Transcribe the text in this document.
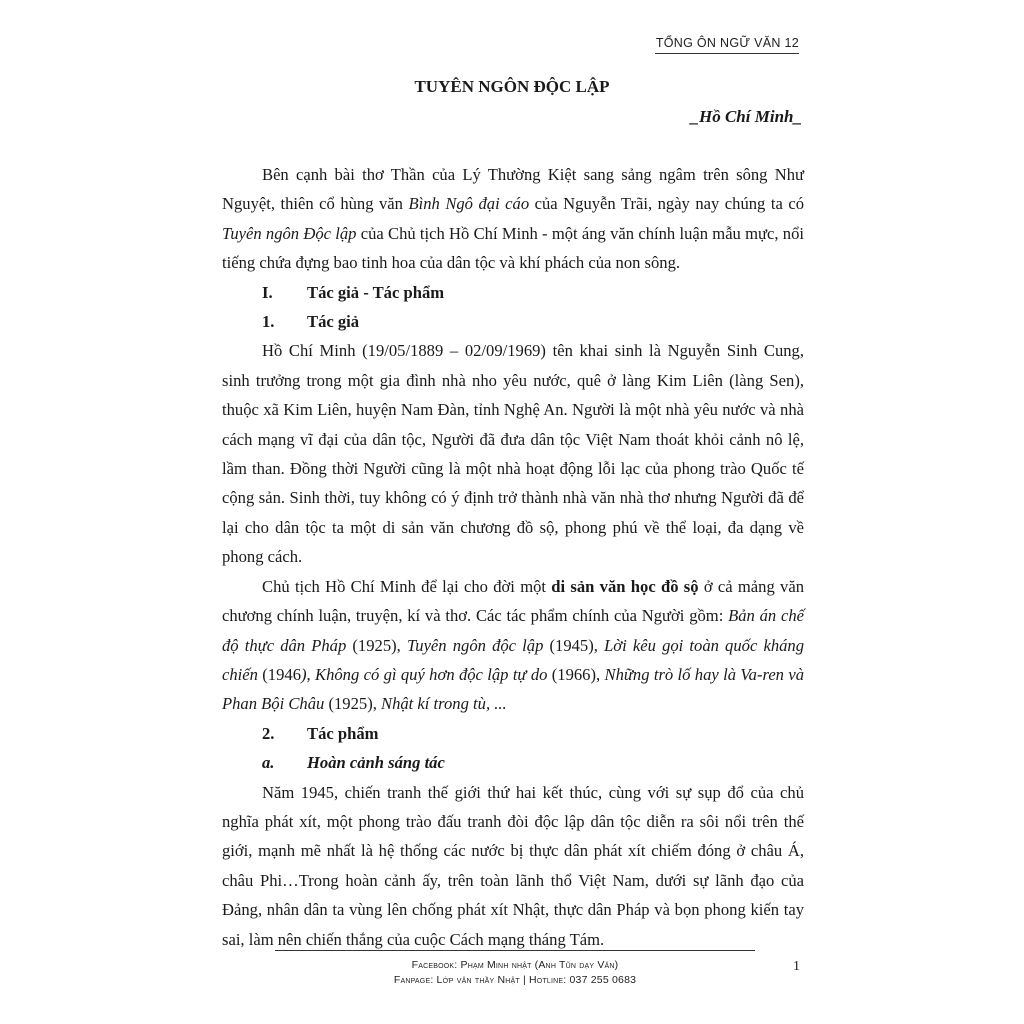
TỔNG ÔN NGỮ VĂN 12
TUYÊN NGÔN ĐỘC LẬP
_Hồ Chí Minh_

Bên cạnh bài thơ Thần của Lý Thường Kiệt sang sảng ngâm trên sông Như Nguyệt, thiên cổ hùng văn Bình Ngô đại cáo của Nguyễn Trãi, ngày nay chúng ta có Tuyên ngôn Độc lập của Chủ tịch Hồ Chí Minh - một áng văn chính luận mẫu mực, nổi tiếng chứa đựng bao tinh hoa của dân tộc và khí phách của non sông.

I. Tác giả - Tác phẩm
1. Tác giả

Hồ Chí Minh (19/05/1889 – 02/09/1969) tên khai sinh là Nguyễn Sinh Cung, sinh trưởng trong một gia đình nhà nho yêu nước, quê ở làng Kim Liên (làng Sen), thuộc xã Kim Liên, huyện Nam Đàn, tỉnh Nghệ An. Người là một nhà yêu nước và nhà cách mạng vĩ đại của dân tộc, Người đã đưa dân tộc Việt Nam thoát khỏi cảnh nô lệ, lầm than. Đồng thời Người cũng là một nhà hoạt động lỗi lạc của phong trào Quốc tế cộng sản. Sinh thời, tuy không có ý định trở thành nhà văn nhà thơ nhưng Người đã để lại cho dân tộc ta một di sản văn chương đồ sộ, phong phú về thể loại, đa dạng về phong cách.

Chủ tịch Hồ Chí Minh để lại cho đời một di sản văn học đồ sộ ở cả mảng văn chương chính luận, truyện, kí và thơ. Các tác phẩm chính của Người gồm: Bản án chế độ thực dân Pháp (1925), Tuyên ngôn độc lập (1945), Lời kêu gọi toàn quốc kháng chiến (1946), Không có gì quý hơn độc lập tự do (1966), Những trò lố hay là Va-ren và Phan Bội Châu (1925), Nhật kí trong tù, ...

2. Tác phẩm
a. Hoàn cảnh sáng tác

Năm 1945, chiến tranh thế giới thứ hai kết thúc, cùng với sự sụp đổ của chủ nghĩa phát xít, một phong trào đấu tranh đòi độc lập dân tộc diễn ra sôi nổi trên thế giới, mạnh mẽ nhất là hệ thống các nước bị thực dân phát xít chiếm đóng ở châu Á, châu Phi…Trong hoàn cảnh ấy, trên toàn lãnh thổ Việt Nam, dưới sự lãnh đạo của Đảng, nhân dân ta vùng lên chống phát xít Nhật, thực dân Pháp và bọn phong kiến tay sai, làm nên chiến thắng của cuộc Cách mạng tháng Tám.

Facebook: Phạm Minh nhật (Anh Tũn dạy Văn)
Fanpage: Lớp văn thầy Nhật | Hotline: 037 255 0683
1
